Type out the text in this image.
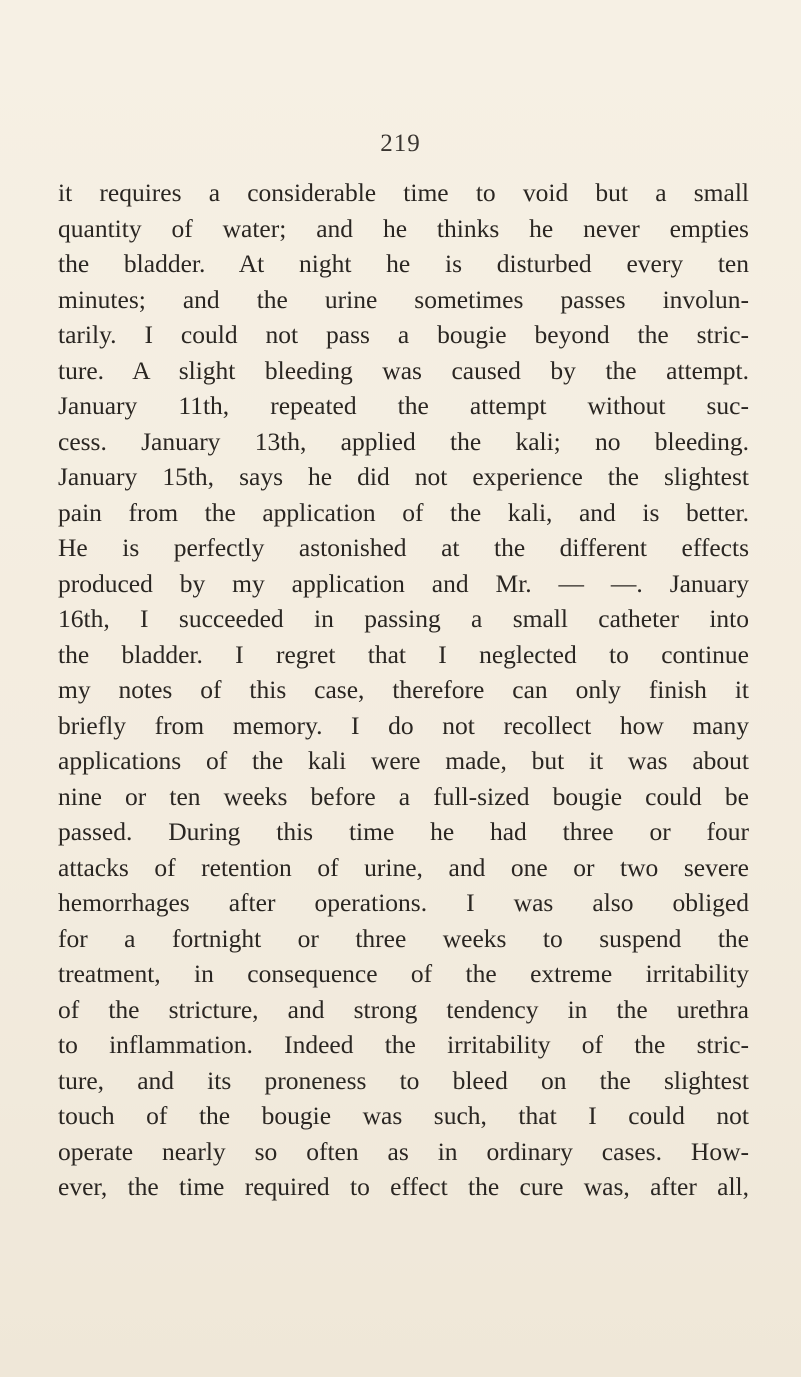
219
it requires a considerable time to void but a small
quantity of water; and he thinks he never empties
the bladder. At night he is disturbed every ten
minutes; and the urine sometimes passes involun-
tarily. I could not pass a bougie beyond the stric-
ture. A slight bleeding was caused by the attempt.
January 11th, repeated the attempt without suc-
cess. January 13th, applied the kali; no bleeding.
January 15th, says he did not experience the slightest
pain from the application of the kali, and is better.
He is perfectly astonished at the different effects
produced by my application and Mr. — —. January
16th, I succeeded in passing a small catheter into
the bladder. I regret that I neglected to continue
my notes of this case, therefore can only finish it
briefly from memory. I do not recollect how many
applications of the kali were made, but it was about
nine or ten weeks before a full-sized bougie could be
passed. During this time he had three or four
attacks of retention of urine, and one or two severe
hemorrhages after operations. I was also obliged
for a fortnight or three weeks to suspend the
treatment, in consequence of the extreme irritability
of the stricture, and strong tendency in the urethra
to inflammation. Indeed the irritability of the stric-
ture, and its proneness to bleed on the slightest
touch of the bougie was such, that I could not
operate nearly so often as in ordinary cases. How-
ever, the time required to effect the cure was, after all,
